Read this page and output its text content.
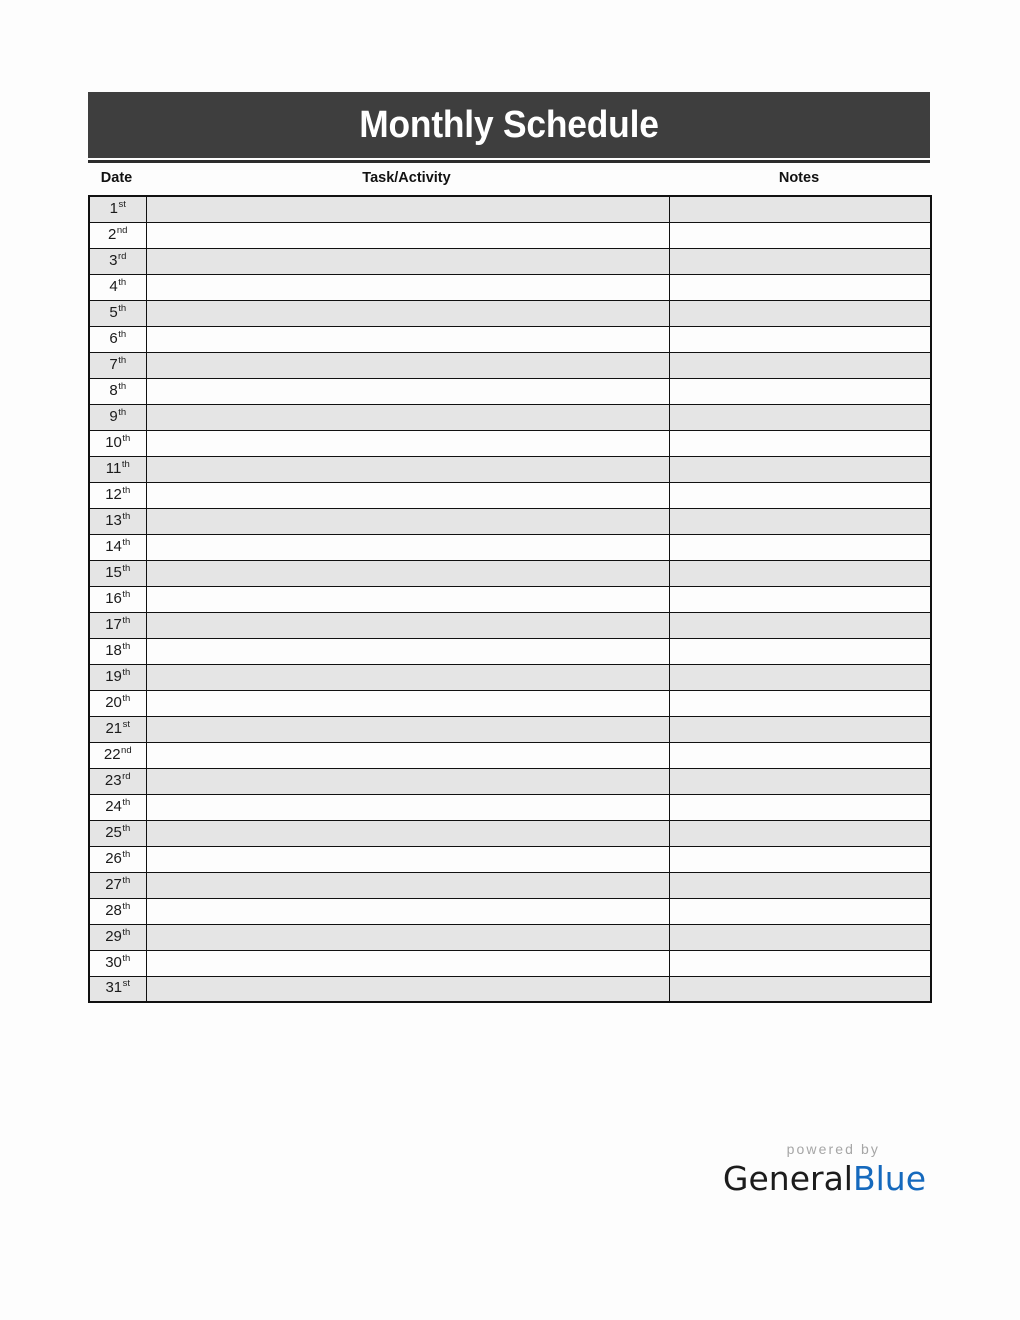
Monthly Schedule
Date	Task/Activity	Notes
1st		
2nd		
3rd		
4th		
5th		
6th		
7th		
8th		
9th		
10th		
11th		
12th		
13th		
14th		
15th		
16th		
17th		
18th		
19th		
20th		
21st		
22nd		
23rd		
24th		
25th		
26th		
27th		
28th		
29th		
30th		
31st		
powered by
GeneralBlue
